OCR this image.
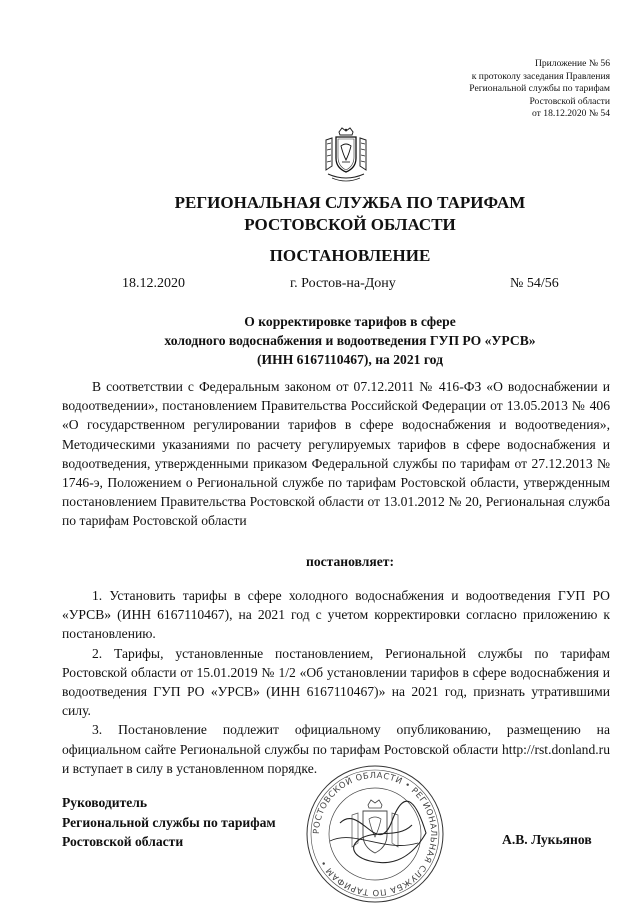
Приложение № 56
к протоколу заседания Правления
Региональной службы по тарифам
Ростовской области
от 18.12.2020 № 54
РЕГИОНАЛЬНАЯ СЛУЖБА ПО ТАРИФАМ
РОСТОВСКОЙ ОБЛАСТИ
ПОСТАНОВЛЕНИЕ
18.12.2020	г. Ростов-на-Дону	№ 54/56
О корректировке тарифов в сфере
холодного водоснабжения и водоотведения ГУП РО «УРСВ»
(ИНН 6167110467), на 2021 год
В соответствии с Федеральным законом от 07.12.2011 № 416-ФЗ «О водоснабжении и водоотведении», постановлением Правительства Российской Федерации от 13.05.2013 № 406 «О государственном регулировании тарифов в сфере водоснабжения и водоотведения», Методическими указаниями по расчету регулируемых тарифов в сфере водоснабжения и водоотведения, утвержденными приказом Федеральной службы по тарифам от 27.12.2013 № 1746-э, Положением о Региональной службе по тарифам Ростовской области, утвержденным постановлением Правительства Ростовской области от 13.01.2012 № 20, Региональная служба по тарифам Ростовской области
постановляет:

1. Установить тарифы в сфере холодного водоснабжения и водоотведения ГУП РО «УРСВ» (ИНН 6167110467), на 2021 год с учетом корректировки согласно приложению к постановлению.

2. Тарифы, установленные постановлением, Региональной службы по тарифам Ростовской области от 15.01.2019 № 1/2 «Об установлении тарифов в сфере водоснабжения и водоотведения ГУП РО «УРСВ» (ИНН 6167110467)» на 2021 год, признать утратившими силу.

3. Постановление подлежит официальному опубликованию, размещению на официальном сайте Региональной службы по тарифам Ростовской области http://rst.donland.ru и вступает в силу в установленном порядке.

РОСТОВСКОЙ ОБЛАСТИ • РЕГИОНАЛЬНАЯ СЛУЖБА ПО ТАРИФАМ •
Руководитель
Региональной службы по тарифам
Ростовской области	А.В. Лукьянов
